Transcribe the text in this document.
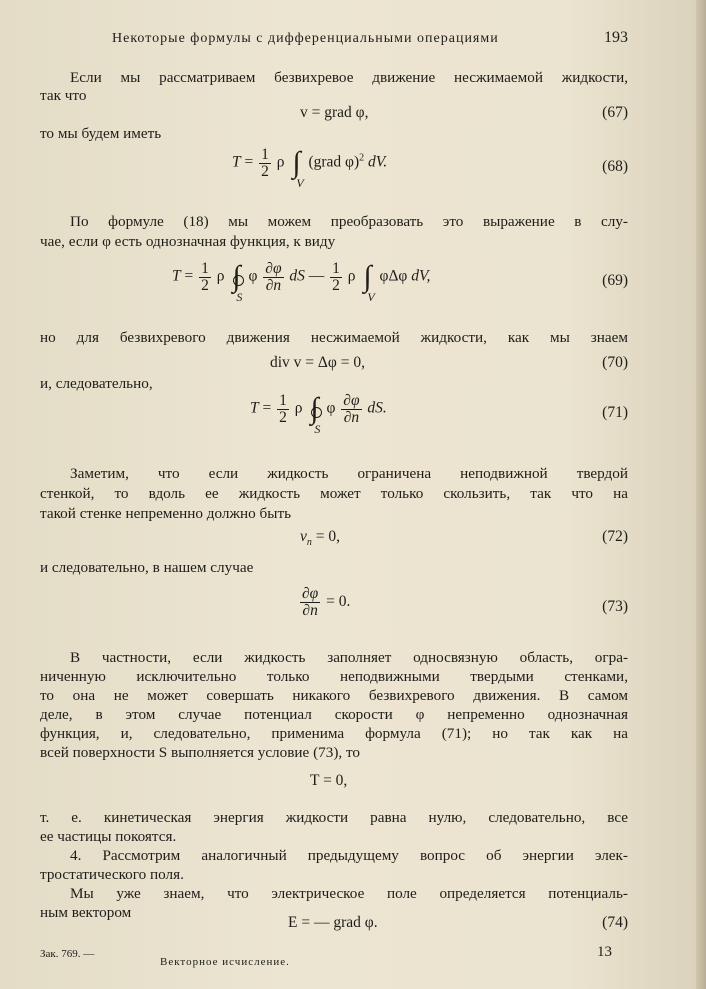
Некоторые формулы с дифференциальными операциями	193
Если мы рассматриваем безвихревое движение несжимаемой жидкости,
так что
v = grad φ,	(67)
то мы будем иметь
$T = \frac{1}{2}$ ρ ∫
V
(grad φ)$^2$ dV.	(68)
По формуле (18) мы можем преобразовать это выражение в слу-
чае, если φ есть однозначная функция, к виду
$T = \frac{1}{2}$ ρ ∫
S
φ $\frac{\partial\varphi}{\partial n}$ dS — $\frac{1}{2}$ ρ ∫
V
φΔφ dV,	(69)
но для безвихревого движения несжимаемой жидкости, как мы знаем
div v = Δφ = 0,	(70)
и, следовательно,
$T = \frac{1}{2}$ ρ ∫
S
φ $\frac{\partial\varphi}{\partial n}$ dS.	(71)
Заметим, что если жидкость ограничена неподвижной твердой
стенкой, то вдоль ее жидкость может только скользить, так что на
такой стенке непременно должно быть
$v_n = 0$,	(72)
и следовательно, в нашем случае
$\frac{\partial\varphi}{\partial n} = 0$.	(73)
В частности, если жидкость заполняет односвязную область, огра-
ниченную исключительно только неподвижными твердыми стенками,
то она не может совершать никакого безвихревого движения. В самом
деле, в этом случае потенциал скорости φ непременно однозначная
функция, и, следовательно, применима формула (71); но так как на
всей поверхности S выполняется условие (73), то
T = 0,
т. е. кинетическая энергия жидкости равна нулю, следовательно, все
ее частицы покоятся.
4. Рассмотрим аналогичный предыдущему вопрос об энергии элек-
тростатического поля.
Мы уже знаем, что электрическое поле определяется потенциаль-
ным вектором
E = — grad φ.	(74)
Зак. 769. —
Векторное исчисление.
13
